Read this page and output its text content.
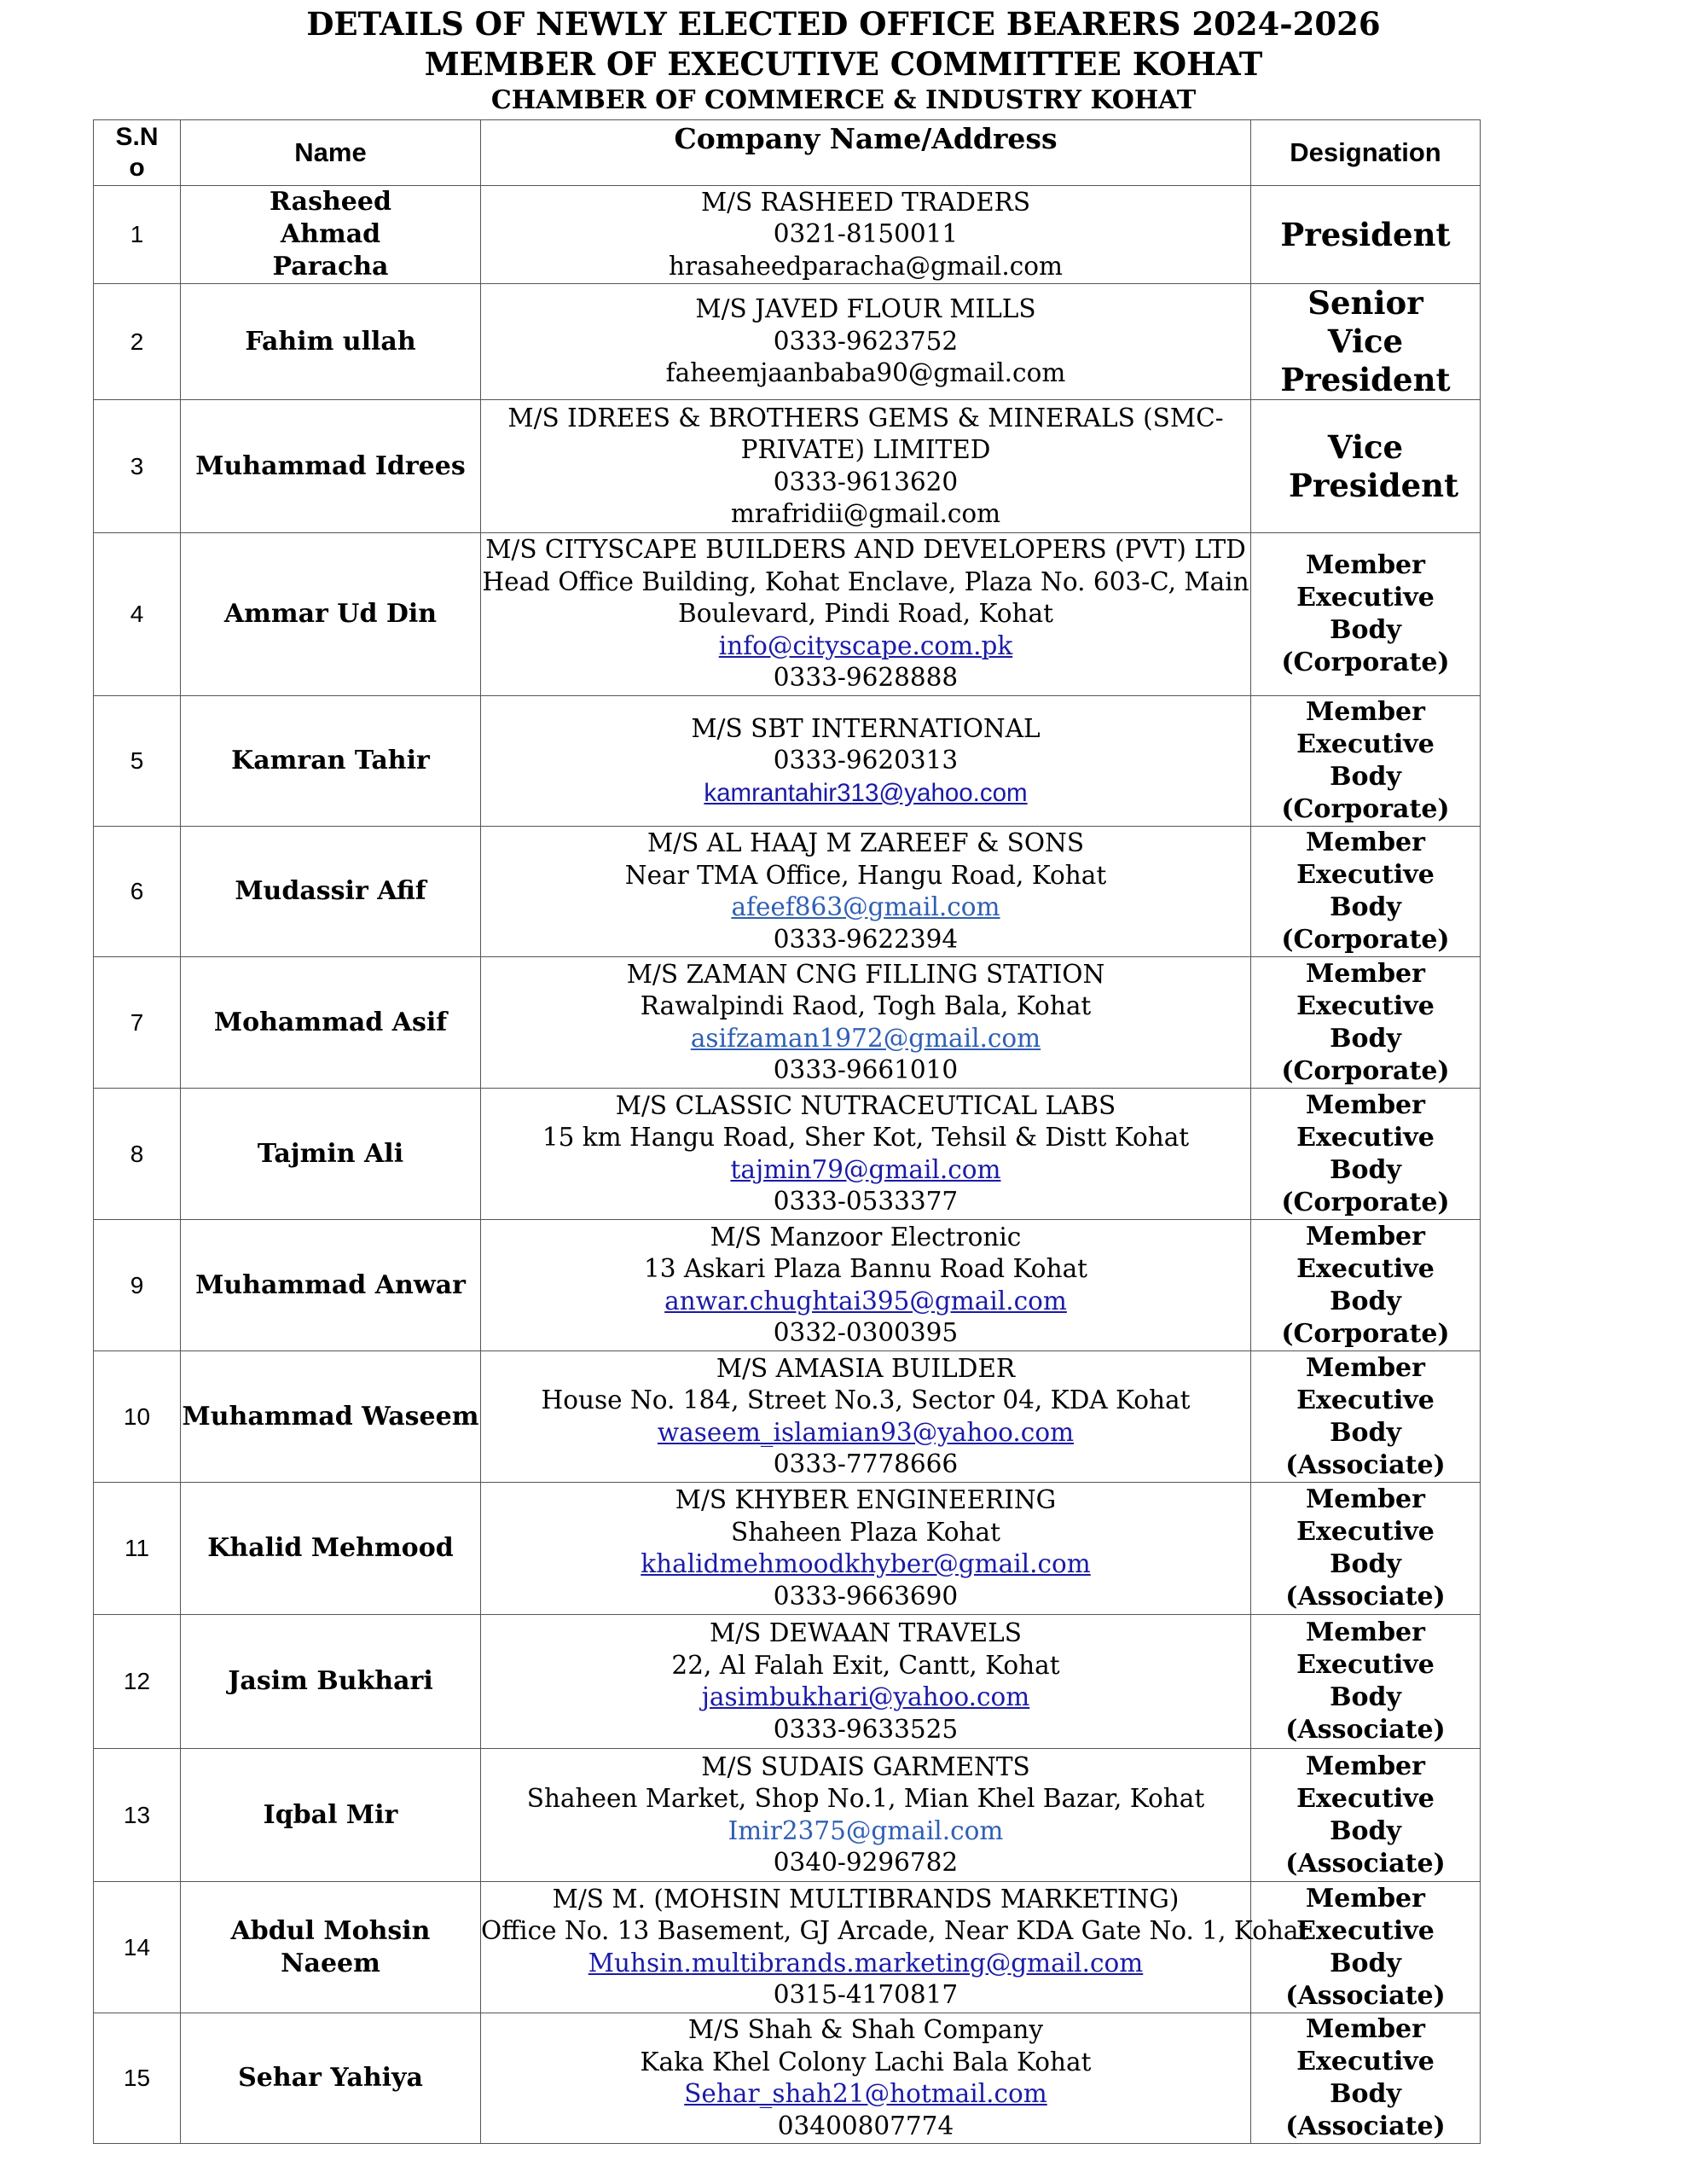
DETAILS OF NEWLY ELECTED OFFICE BEARERS 2024-2026
MEMBER OF EXECUTIVE COMMITTEE KOHAT
CHAMBER OF COMMERCE & INDUSTRY KOHAT
S.No	Name	Company Name/Address	Designation
1	Rasheed Ahmad Paracha	M/S RASHEED TRADERS
0321-8150011
hrasaheedparacha@gmail.com	President
2	Fahim ullah	M/S JAVED FLOUR MILLS
0333-9623752
faheemjaanbaba90@gmail.com	Senior Vice President

3	Muhammad Idrees	M/S IDREES & BROTHERS GEMS & MINERALS (SMC-
PRIVATE) LIMITED
0333-9613620
mrafridii@gmail.com	Vice President

4	Ammar Ud Din	M/S CITYSCAPE BUILDERS AND DEVELOPERS (PVT) LTD
Head Office Building, Kohat Enclave, Plaza No. 603-C, Main
Boulevard, Pindi Road, Kohat
info@cityscape.com.pk
0333-9628888	Member Executive Body (Corporate)

5	Kamran Tahir	M/S SBT INTERNATIONAL
0333-9620313
kamrantahir313@yahoo.com	Member Executive Body (Corporate)

6	Mudassir Afif	M/S AL HAAJ M ZAREEF & SONS
Near TMA Office, Hangu Road, Kohat
afeef863@gmail.com
0333-9622394	Member Executive Body (Corporate)

7	Mohammad Asif	M/S ZAMAN CNG FILLING STATION
Rawalpindi Raod, Togh Bala, Kohat
asifzaman1972@gmail.com
0333-9661010	Member Executive Body (Corporate)

8	Tajmin Ali	M/S CLASSIC NUTRACEUTICAL LABS
15 km Hangu Road, Sher Kot, Tehsil & Distt Kohat
tajmin79@gmail.com
0333-0533377	Member Executive Body (Corporate)

9	Muhammad Anwar	M/S Manzoor Electronic
13 Askari Plaza Bannu Road Kohat
anwar.chughtai395@gmail.com
0332-0300395	Member Executive Body (Corporate)

10	Muhammad Waseem	M/S AMASIA BUILDER
House No. 184, Street No.3, Sector 04, KDA Kohat
waseem_islamian93@yahoo.com
0333-7778666	Member Executive Body (Associate)

11	Khalid Mehmood	M/S KHYBER ENGINEERING
Shaheen Plaza Kohat
khalidmehmoodkhyber@gmail.com
0333-9663690	Member Executive Body (Associate)

12	Jasim Bukhari	M/S DEWAAN TRAVELS
22, Al Falah Exit, Cantt, Kohat
jasimbukhari@yahoo.com
0333-9633525	Member Executive Body (Associate)

13	Iqbal Mir	M/S SUDAIS GARMENTS
Shaheen Market, Shop No.1, Mian Khel Bazar, Kohat
Imir2375@gmail.com
0340-9296782	Member Executive Body (Associate)

14	Abdul Mohsin Naeem	M/S M. (MOHSIN MULTIBRANDS MARKETING)
Office No. 13 Basement, GJ Arcade, Near KDA Gate No. 1, Kohat
Muhsin.multibrands.marketing@gmail.com
0315-4170817	Member Executive Body (Associate)

15	Sehar Yahiya	M/S Shah & Shah Company
Kaka Khel Colony Lachi Bala Kohat
Sehar_shah21@hotmail.com
03400807774	Member Executive Body (Associate)
